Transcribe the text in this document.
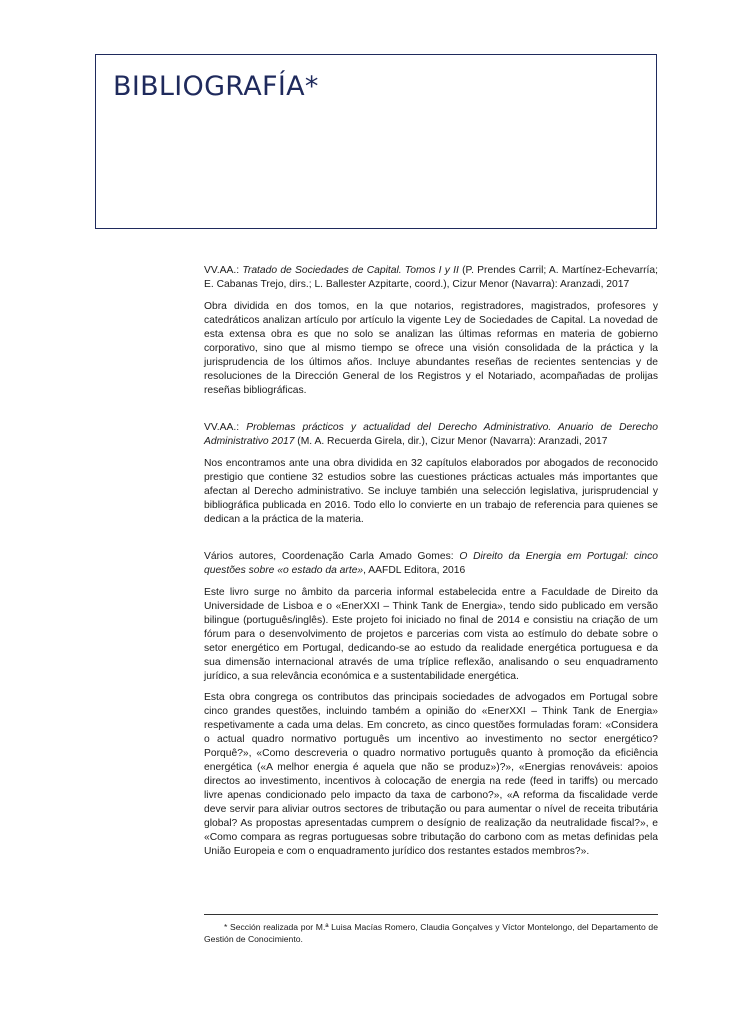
BIBLIOGRAFÍA*

VV.AA.: Tratado de Sociedades de Capital. Tomos I y II (P. Prendes Carril; A. Martínez-Echevarría; E. Cabanas Trejo, dirs.; L. Ballester Azpitarte, coord.), Cizur Menor (Navarra): Aranzadi, 2017

Obra dividida en dos tomos, en la que notarios, registradores, magistrados, profesores y catedráticos analizan artículo por artículo la vigente Ley de Sociedades de Capital. La novedad de esta extensa obra es que no solo se analizan las últimas reformas en materia de gobierno corporativo, sino que al mismo tiempo se ofrece una visión consolidada de la práctica y la jurisprudencia de los últimos años. Incluye abundantes reseñas de recientes sentencias y de resoluciones de la Dirección General de los Registros y el Notariado, acompañadas de prolijas reseñas bibliográficas.

VV.AA.: Problemas prácticos y actualidad del Derecho Administrativo. Anuario de Derecho Administrativo 2017 (M. A. Recuerda Girela, dir.), Cizur Menor (Navarra): Aranzadi, 2017

Nos encontramos ante una obra dividida en 32 capítulos elaborados por abogados de reconocido prestigio que contiene 32 estudios sobre las cuestiones prácticas actuales más importantes que afectan al Derecho administrativo. Se incluye también una selección legislativa, jurisprudencial y bibliográfica publicada en 2016. Todo ello lo convierte en un trabajo de referencia para quienes se dedican a la práctica de la materia.

Vários autores, Coordenação Carla Amado Gomes: O Direito da Energia em Portugal: cinco questões sobre «o estado da arte», AAFDL Editora, 2016

Este livro surge no âmbito da parceria informal estabelecida entre a Faculdade de Direito da Universidade de Lisboa e o «EnerXXI – Think Tank de Energia», tendo sido publicado em versão bilingue (português/inglês). Este projeto foi iniciado no final de 2014 e consistiu na criação de um fórum para o desenvolvimento de projetos e parcerias com vista ao estímulo do debate sobre o setor energético em Portugal, dedicando-se ao estudo da realidade energética portuguesa e da sua dimensão internacional através de uma tríplice reflexão, analisando o seu enquadramento jurídico, a sua relevância económica e a sustentabilidade energética.

Esta obra congrega os contributos das principais sociedades de advogados em Portugal sobre cinco grandes questões, incluindo também a opinião do «EnerXXI – Think Tank de Energia» respetivamente a cada uma delas. Em concreto, as cinco questões formuladas foram: «Considera o actual quadro normativo português um incentivo ao investimento no sector energético? Porquê?», «Como descreveria o quadro normativo português quanto à promoção da eficiência energética («A melhor energia é aquela que não se produz»)?», «Energias renováveis: apoios directos ao investimento, incentivos à colocação de energia na rede (feed in tariffs) ou mercado livre apenas condicionado pelo impacto da taxa de carbono?», «A reforma da fiscalidade verde deve servir para aliviar outros sectores de tributação ou para aumentar o nível de receita tributária global? As propostas apresentadas cumprem o desígnio de realização da neutralidade fiscal?», e «Como compara as regras portuguesas sobre tributação do carbono com as metas definidas pela União Europeia e com o enquadramento jurídico dos restantes estados membros?».

* Sección realizada por M.ª Luisa Macías Romero, Claudia Gonçalves y Víctor Montelongo, del Departamento de Gestión de Conocimiento.
